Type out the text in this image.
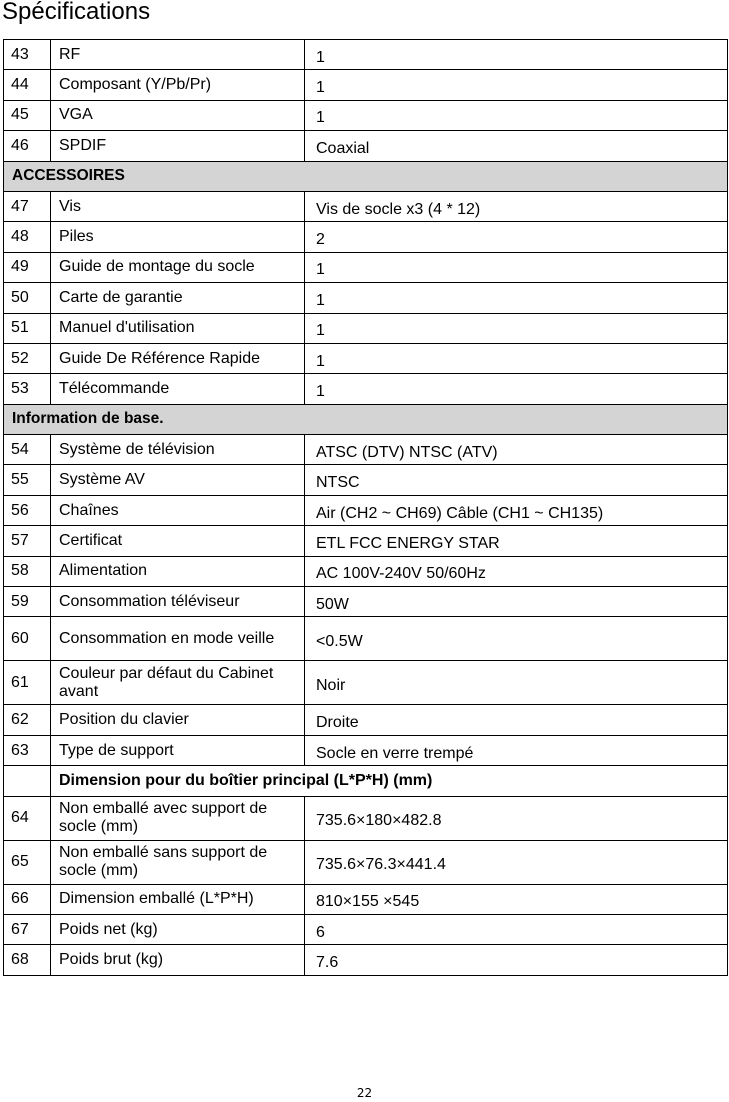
Spécifications
43	RF	1
44	Composant (Y/Pb/Pr)	1
45	VGA	1
46	SPDIF	Coaxial
ACCESSOIRES		
47	Vis	Vis de socle x3 (4 * 12)
48	Piles	2
49	Guide de montage du socle	1
50	Carte de garantie	1
51	Manuel d'utilisation	1
52	Guide De Référence Rapide	1
53	Télécommande	1
Information de base.		
54	Système de télévision	ATSC (DTV) NTSC (ATV)
55	Système AV	NTSC
56	Chaînes	Air (CH2 ~ CH69) Câble (CH1 ~ CH135)
57	Certificat	ETL FCC ENERGY STAR
58	Alimentation	AC 100V-240V 50/60Hz
59	Consommation téléviseur	50W
60	Consommation en mode veille	<0.5W
61	Couleur par défaut du Cabinet avant	Noir
62	Position du clavier	Droite
63	Type de support	Socle en verre trempé
	Dimension pour du boîtier principal (L*P*H) (mm)	
64	Non emballé avec support de socle (mm)	735.6×180×482.8
65	Non emballé sans support de socle (mm)	735.6×76.3×441.4
66	Dimension emballé (L*P*H)	810×155 ×545
67	Poids net (kg)	6
68	Poids brut (kg)	7.6
22
